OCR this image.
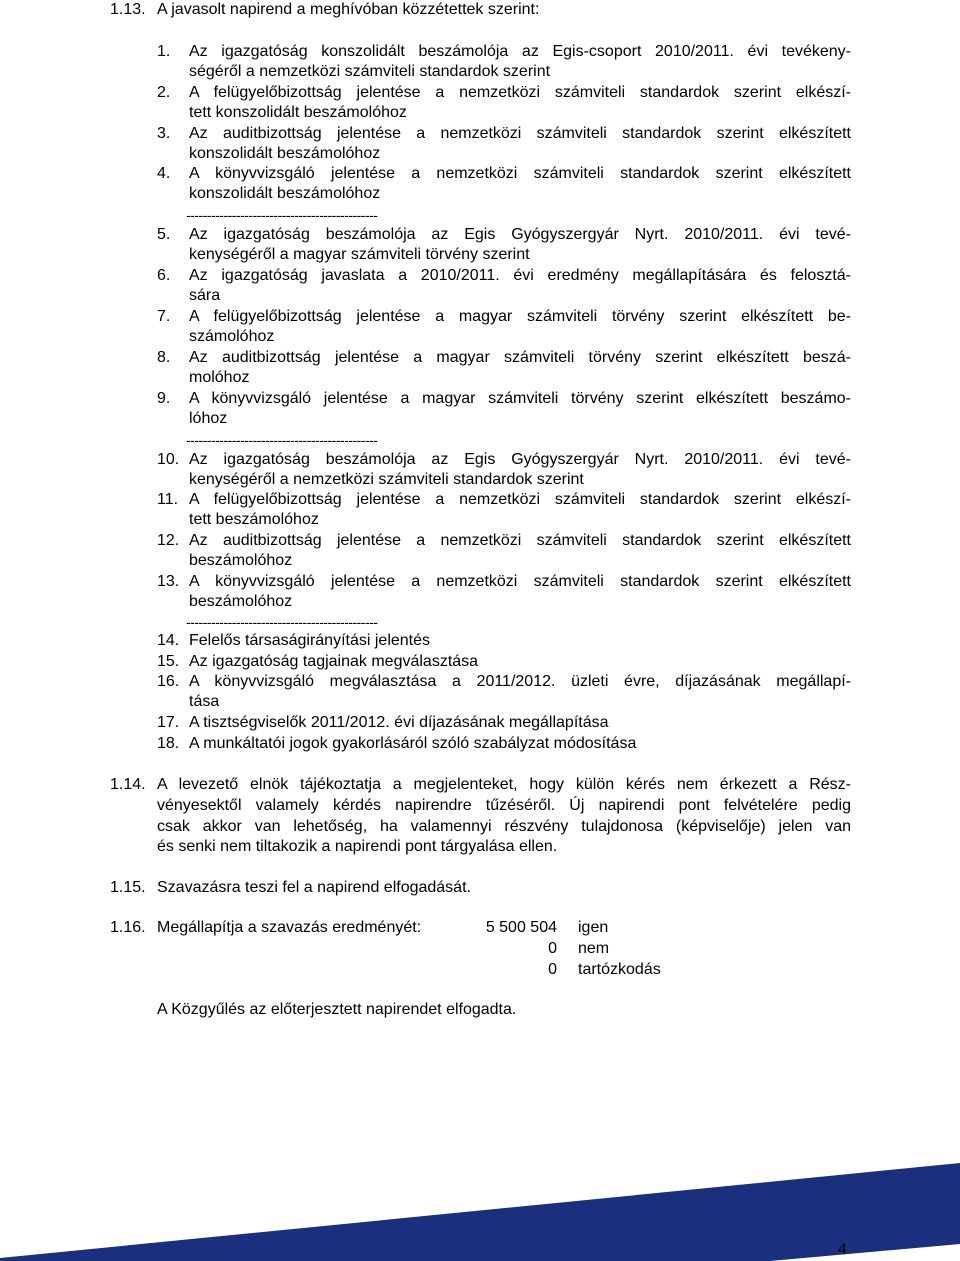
1.13. A javasolt napirend a meghívóban közzétettek szerint:
1. Az igazgatóság konszolidált beszámolója az Egis-csoport 2010/2011. évi tevékeny-
ségéről a nemzetközi számviteli standardok szerint
2. A felügyelőbizottság jelentése a nemzetközi számviteli standardok szerint elkészí-
tett konszolidált beszámolóhoz
3. Az auditbizottság jelentése a nemzetközi számviteli standardok szerint elkészített
konszolidált beszámolóhoz
4. A könyvvizsgáló jelentése a nemzetközi számviteli standardok szerint elkészített
konszolidált beszámolóhoz
----------------------------------------------
5. Az igazgatóság beszámolója az Egis Gyógyszergyár Nyrt. 2010/2011. évi tevé-
kenységéről a magyar számviteli törvény szerint
6. Az igazgatóság javaslata a 2010/2011. évi eredmény megállapítására és felosztá-
sára
7. A felügyelőbizottság jelentése a magyar számviteli törvény szerint elkészített be-
számolóhoz
8. Az auditbizottság jelentése a magyar számviteli törvény szerint elkészített beszá-
molóhoz
9. A könyvvizsgáló jelentése a magyar számviteli törvény szerint elkészített beszámo-
lóhoz
----------------------------------------------
10. Az igazgatóság beszámolója az Egis Gyógyszergyár Nyrt. 2010/2011. évi tevé-
kenységéről a nemzetközi számviteli standardok szerint
11. A felügyelőbizottság jelentése a nemzetközi számviteli standardok szerint elkészí-
tett beszámolóhoz
12. Az auditbizottság jelentése a nemzetközi számviteli standardok szerint elkészített
beszámolóhoz
13. A könyvvizsgáló jelentése a nemzetközi számviteli standardok szerint elkészített
beszámolóhoz
----------------------------------------------
14. Felelős társaságirányítási jelentés
15. Az igazgatóság tagjainak megválasztása
16. A könyvvizsgáló megválasztása a 2011/2012. üzleti évre, díjazásának megállapí-
tása
17. A tisztségviselők 2011/2012. évi díjazásának megállapítása
18. A munkáltatói jogok gyakorlásáról szóló szabályzat módosítása
1.14. A levezető elnök tájékoztatja a megjelenteket, hogy külön kérés nem érkezett a Rész-
vényesektől valamely kérdés napirendre tűzéséről. Új napirendi pont felvételére pedig
csak akkor van lehetőség, ha valamennyi részvény tulajdonosa (képviselője) jelen van
és senki nem tiltakozik a napirendi pont tárgyalása ellen.
1.15. Szavazásra teszi fel a napirend elfogadását.
1.16. Megállapítja a szavazás eredményét:	5 500 504 igen
0 nem
0 tartózkodás
A Közgyűlés az előterjesztett napirendet elfogadta.
4
